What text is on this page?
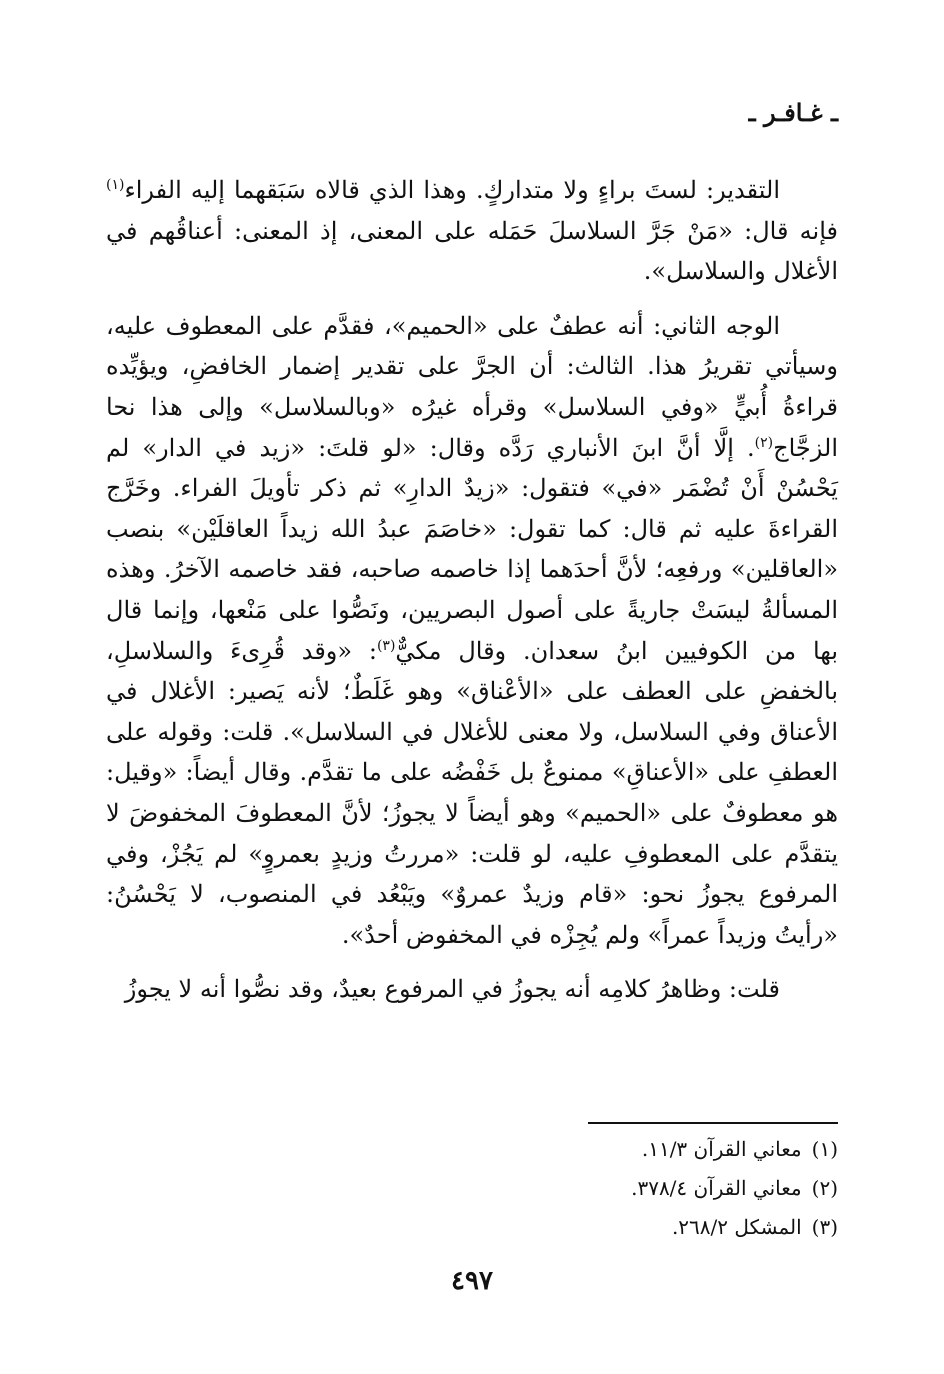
ـ غـافـر ـ

التقدير: لستَ براءٍ ولا متداركٍ. وهذا الذي قالاه سَبَقهما إليه الفراء$^{(١)}$ فإنه قال: «مَنْ جَرَّ السلاسلَ حَمَله على المعنى، إذ المعنى: أعناقُهم في الأغلال والسلاسل».

الوجه الثاني: أنه عطفٌ على «الحميم»، فقدَّم على المعطوف عليه، وسيأتي تقريرُ هذا. الثالث: أن الجرَّ على تقدير إضمار الخافضِ، ويؤيِّده قراءةُ أُبيٍّ «وفي السلاسل» وقرأه غيرُه «وبالسلاسل» وإلى هذا نحا الزجَّاج$^{(٢)}$. إلَّا أنَّ ابنَ الأنباري رَدَّه وقال: «لو قلتَ: «زيد في الدار» لم يَحْسُنْ أَنْ تُضْمَر «في» فتقول: «زيدٌ الدارِ» ثم ذكر تأويلَ الفراء. وخَرَّج القراءةَ عليه ثم قال: كما تقول: «خاصَمَ عبدُ الله زيداً العاقلَيْن» بنصب «العاقلين» ورفعِه؛ لأنَّ أحدَهما إذا خاصمه صاحبه، فقد خاصمه الآخرُ. وهذه المسألةُ ليسَتْ جاريةً على أصول البصريين، ونَصُّوا على مَنْعها، وإنما قال بها من الكوفيين ابنُ سعدان. وقال مكيٌّ$^{(٣)}$: «وقد قُرِىءَ والسلاسلِ، بالخفضِ على العطف على «الأعْناق» وهو غَلَطٌ؛ لأنه يَصير: الأغلال في الأعناق وفي السلاسل، ولا معنى للأغلال في السلاسل». قلت: وقوله على العطفِ على «الأعناقِ» ممنوعٌ بل خَفْضُه على ما تقدَّم. وقال أيضاً: «وقيل: هو معطوفٌ على «الحميم» وهو أيضاً لا يجوزُ؛ لأنَّ المعطوفَ المخفوضَ لا يتقدَّم على المعطوفِ عليه، لو قلت: «مررتُ وزيدٍ بعمروٍ» لم يَجُزْ، وفي المرفوع يجوزُ نحو: «قام وزيدٌ عمروٌ» ويَبْعُد في المنصوب، لا يَحْسُنُ: «رأيتُ وزيداً عمراً» ولم يُجِزْه في المخفوض أحدٌ».

قلت: وظاهرُ كلامِه أنه يجوزُ في المرفوع بعيدٌ، وقد نصُّوا أنه لا يجوزُ

(١)معاني القرآن ١١/٣.
(٢)معاني القرآن ٣٧٨/٤.
(٣)المشكل ٢٦٨/٢.
٤٩٧
